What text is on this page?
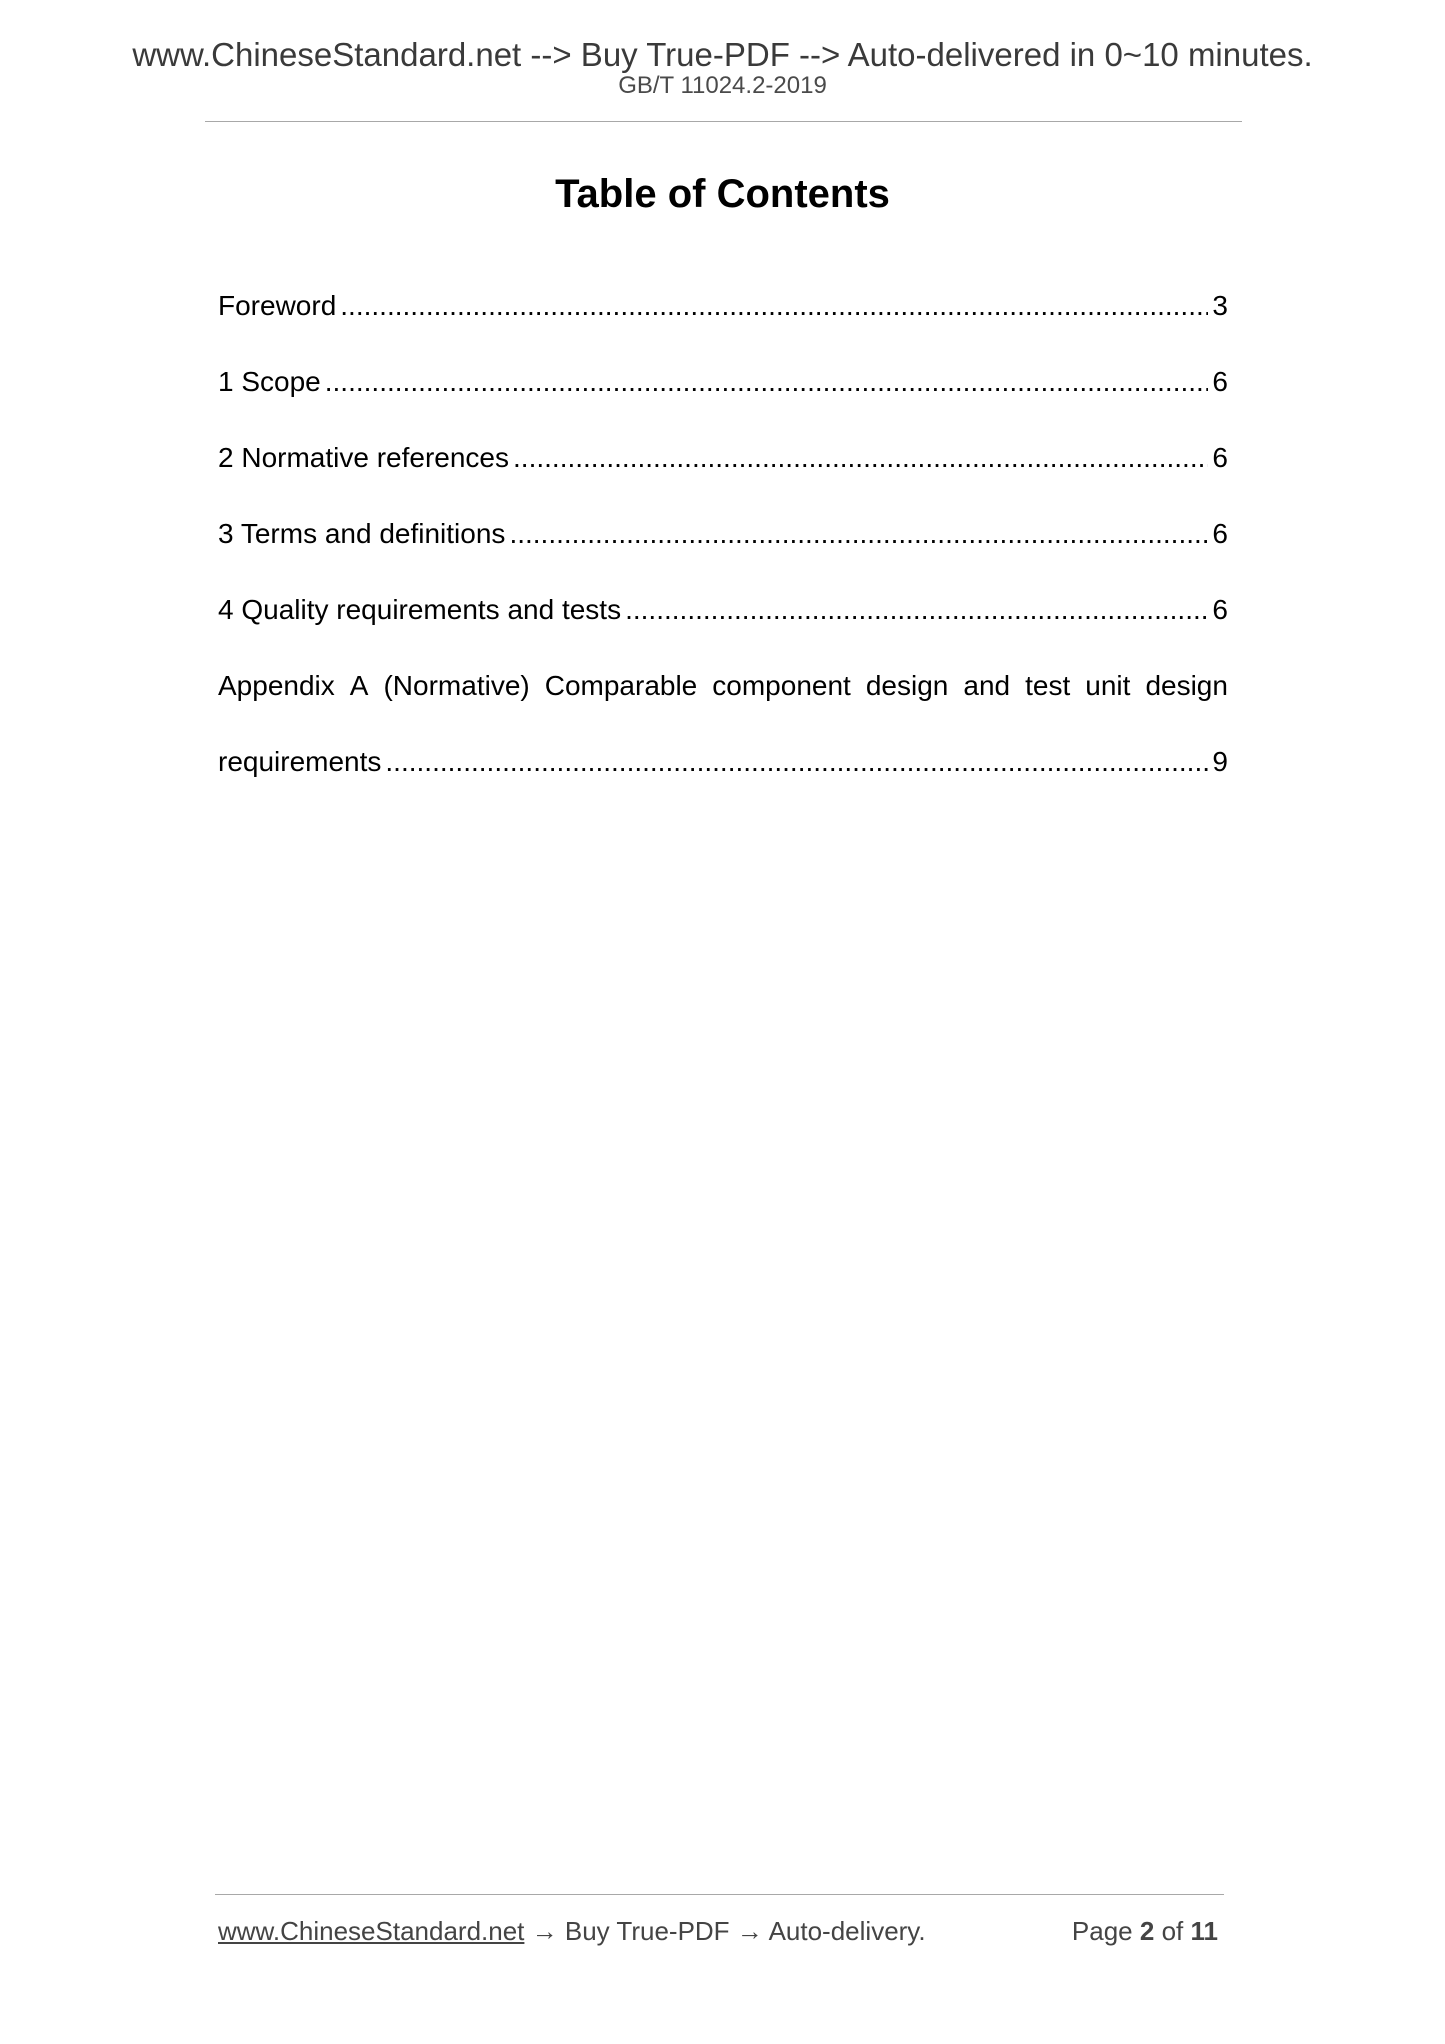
www.ChineseStandard.net --> Buy True-PDF --> Auto-delivered in 0~10 minutes.
GB/T 11024.2-2019
Table of Contents
Foreword .....	3
1 Scope .....	6
2 Normative references .....	6
3 Terms and definitions .....	6
4 Quality requirements and tests .....	6
Appendix A (Normative) Comparable component design and test unit design
requirements .....	9
www.ChineseStandard.net → Buy True-PDF → Auto-delivery.	Page 2 of 11
